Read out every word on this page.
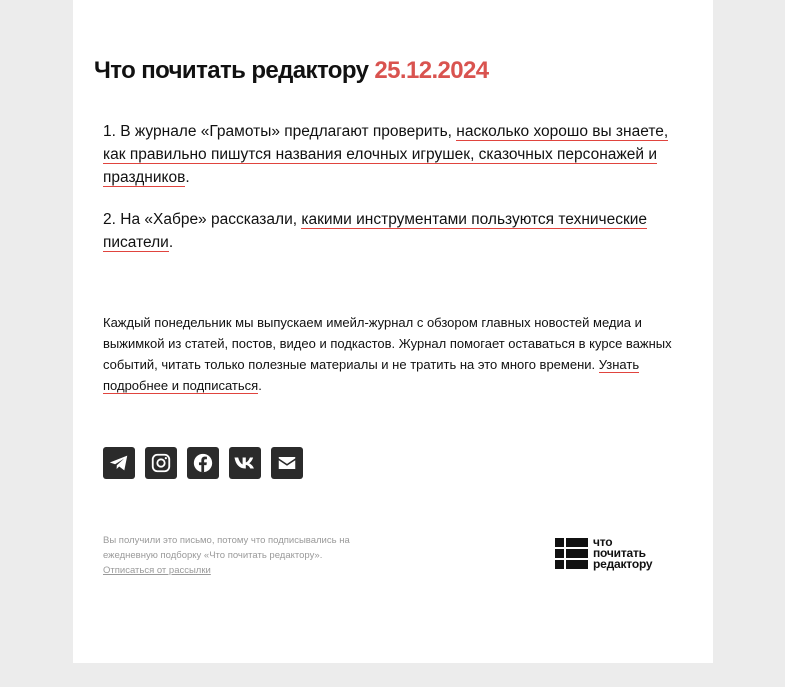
Что почитать редактору 25.12.2024

1. В журнале «Грамоты» предлагают проверить, насколько хорошо вы знаете, как правильно пишутся названия елочных игрушек, сказочных персонажей и праздников.

2. На «Хабре» рассказали, какими инструментами пользуются технические писатели.

Каждый понедельник мы выпускаем имейл-журнал с обзором главных новостей медиа и выжимкой из статей, постов, видео и подкастов. Журнал помогает оставаться в курсе важных событий, читать только полезные материалы и не тратить на это много времени. Узнать подробнее и подписаться.

Вы получили это письмо, потому что подписывались на ежедневную подборку «Что почитать редактору».

Отписаться от рассылки
что
почитать
редактору
